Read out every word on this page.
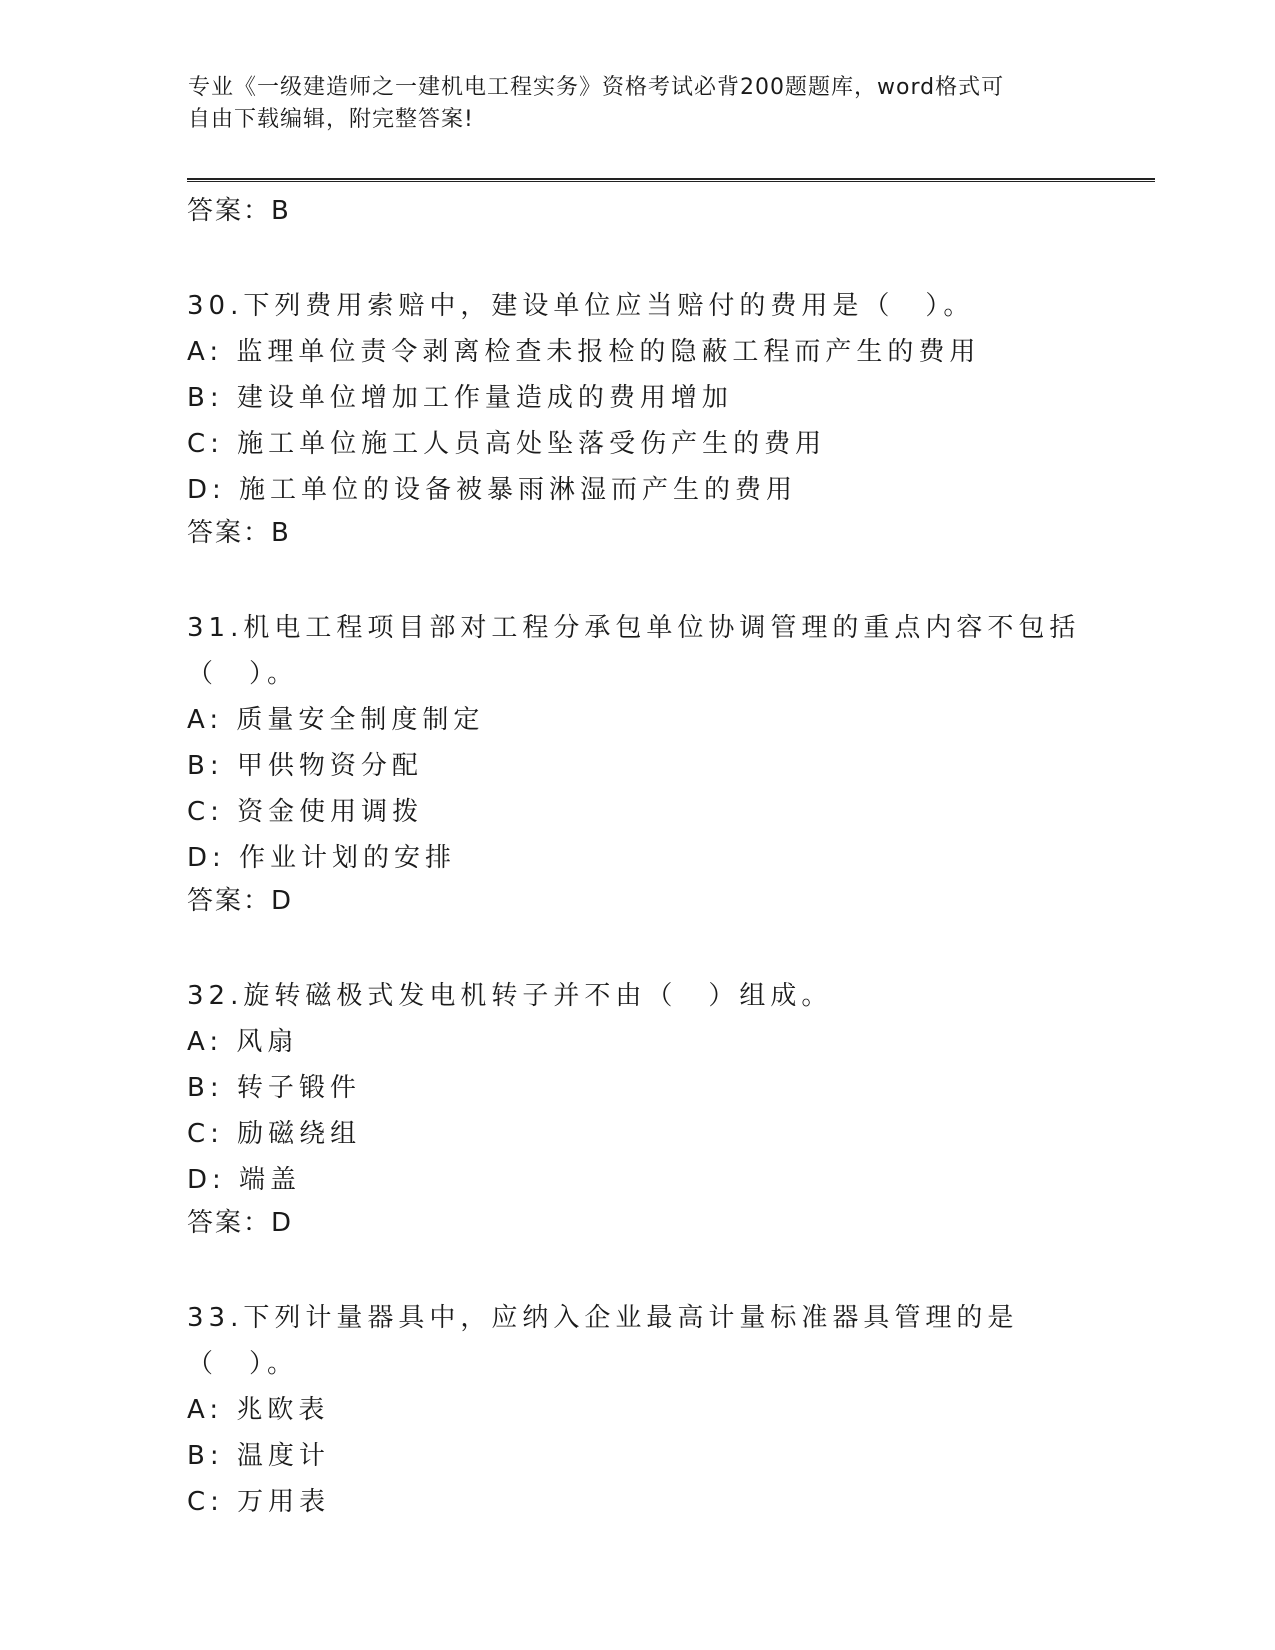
专业《一级建造师之一建机电工程实务》资格考试必背200题题库，word格式可
自由下载编辑，附完整答案!
答案：B
30.下列费用索赔中，建设单位应当赔付的费用是（　）。
A: 监理单位责令剥离检查未报检的隐蔽工程而产生的费用
B: 建设单位增加工作量造成的费用增加
C: 施工单位施工人员高处坠落受伤产生的费用
D: 施工单位的设备被暴雨淋湿而产生的费用
答案：B
31.机电工程项目部对工程分承包单位协调管理的重点内容不包括（　）。
A: 质量安全制度制定
B: 甲供物资分配
C: 资金使用调拨
D: 作业计划的安排
答案：D
32.旋转磁极式发电机转子并不由（　）组成。
A: 风扇
B: 转子锻件
C: 励磁绕组
D: 端盖
答案：D
33.下列计量器具中，应纳入企业最高计量标准器具管理的是（　）。
A: 兆欧表
B: 温度计
C: 万用表
